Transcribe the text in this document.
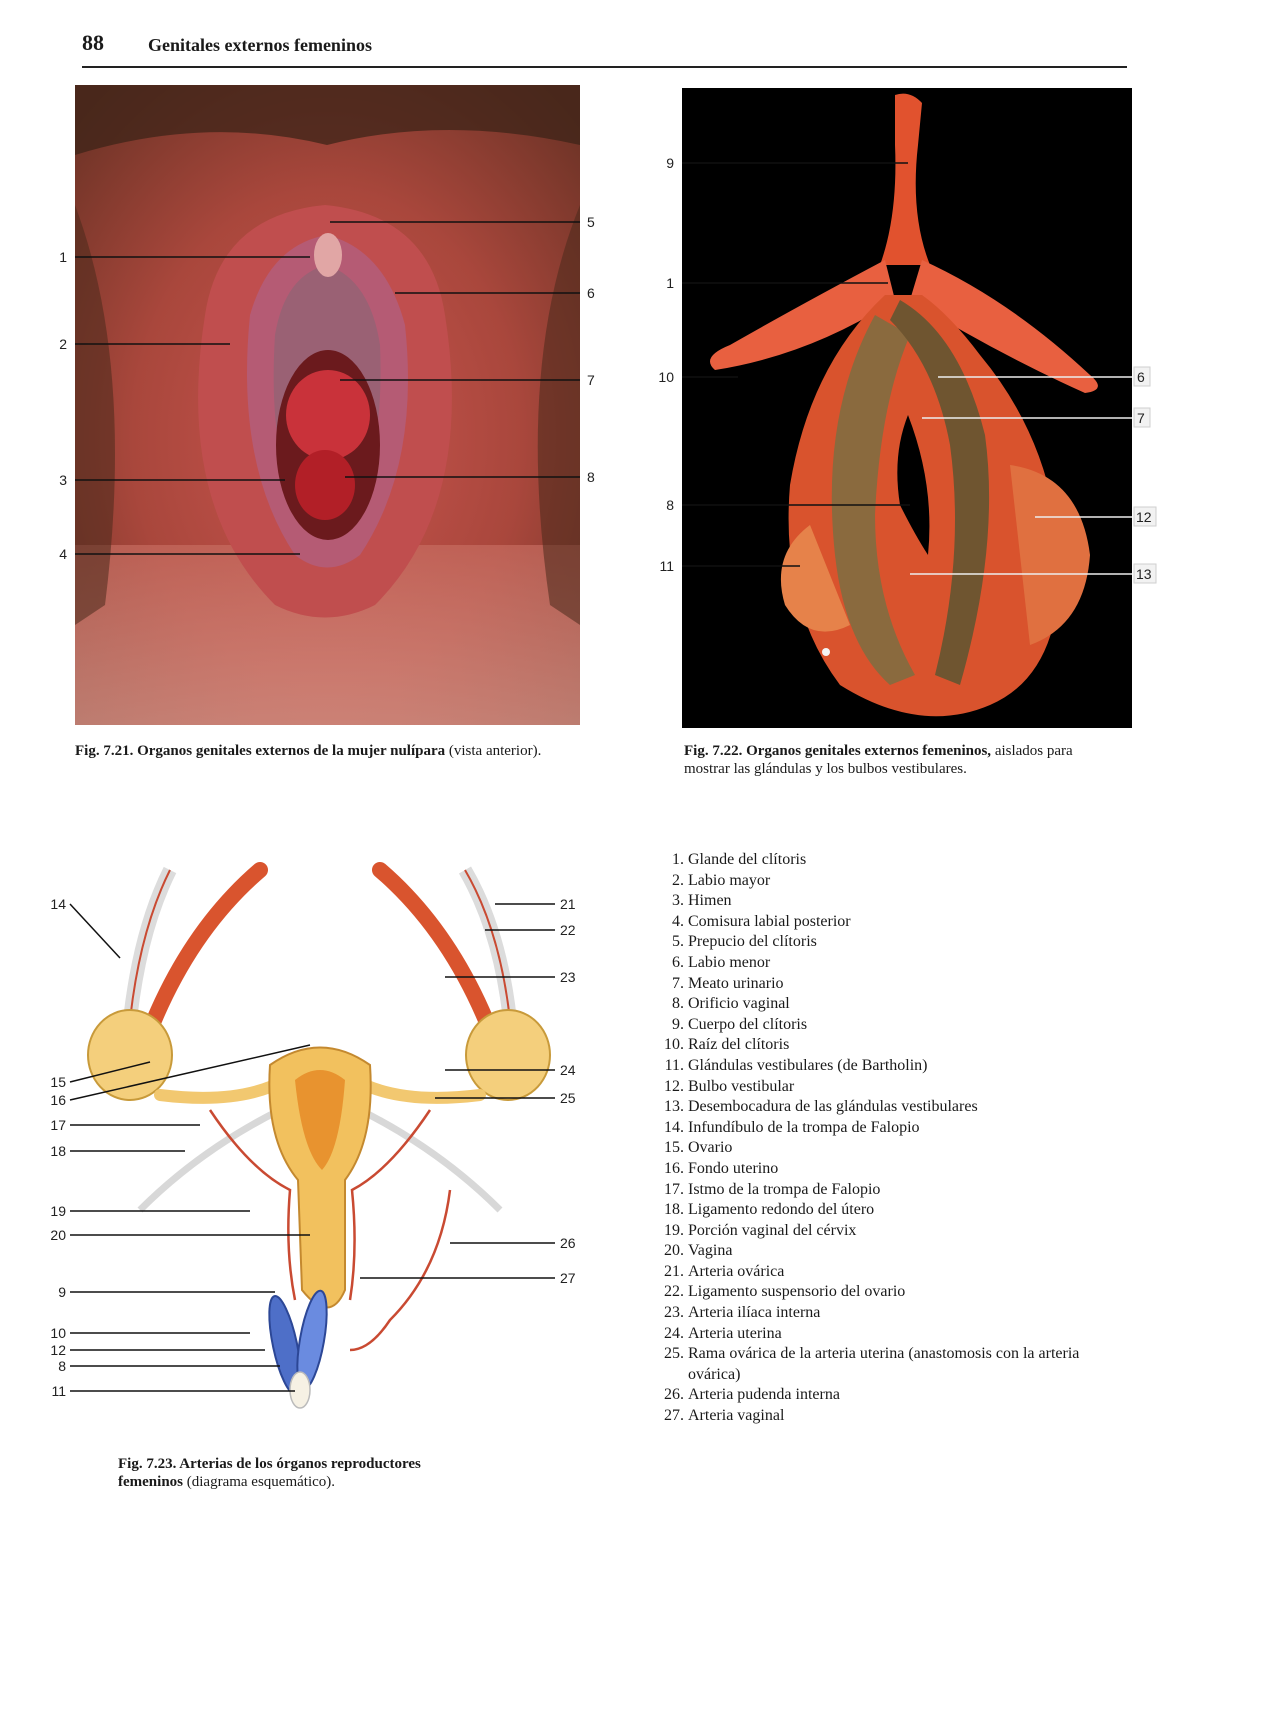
88 Genitales externos femeninos
1
2
3
4
5
6
7
8
Fig. 7.21. Organos genitales externos de la mujer nulípara (vista anterior).
9
1
10
8
11
6
7
12
13
Fig. 7.22. Organos genitales externos femeninos, aislados para mostrar las glándulas y los bulbos vestibulares.
14
15
16
17
18
19
20
9
10
12
8
11
21
22
23
24
25
26
27
Fig. 7.23. Arterias de los órganos reproductores femeninos (diagrama esquemático).
1. Glande del clítoris
2. Labio mayor
3. Himen
4. Comisura labial posterior
5. Prepucio del clítoris
6. Labio menor
7. Meato urinario
8. Orificio vaginal
9. Cuerpo del clítoris
10. Raíz del clítoris
11. Glándulas vestibulares (de Bartholin)
12. Bulbo vestibular
13. Desembocadura de las glándulas vestibulares
14. Infundíbulo de la trompa de Falopio
15. Ovario
16. Fondo uterino
17. Istmo de la trompa de Falopio
18. Ligamento redondo del útero
19. Porción vaginal del cérvix
20. Vagina
21. Arteria ovárica
22. Ligamento suspensorio del ovario
23. Arteria ilíaca interna
24. Arteria uterina
25. Rama ovárica de la arteria uterina (anastomosis con la arteria ovárica)
26. Arteria pudenda interna
27. Arteria vaginal
